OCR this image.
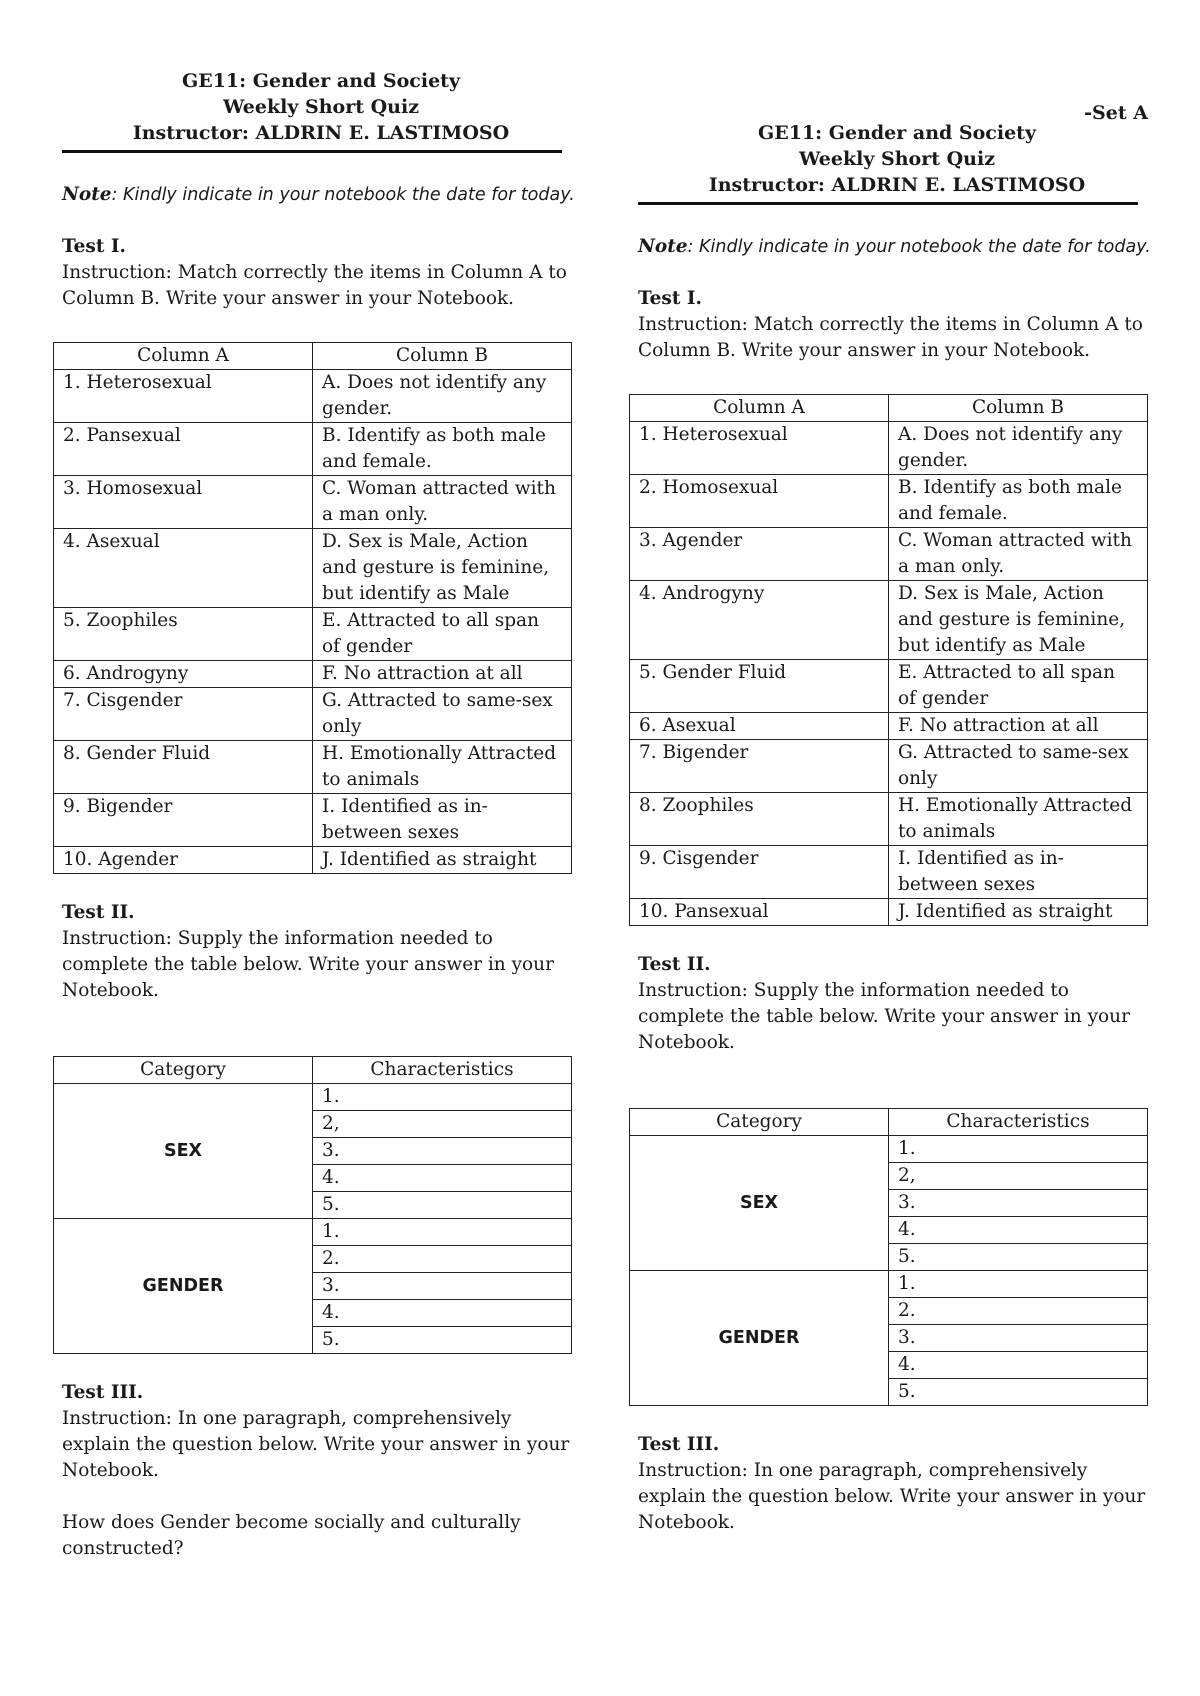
GE11: Gender and Society
Weekly Short Quiz
Instructor: ALDRIN E. LASTIMOSO

Note: Kindly indicate in your notebook the date for today.

Test I.

Instruction: Match correctly the items in Column A to Column B. Write your answer in your Notebook.

Column A	Column B
1. Heterosexual	A. Does not identify any gender.
2. Pansexual	B. Identify as both male and female.
3. Homosexual	C. Woman attracted with a man only.
4. Asexual	D. Sex is Male, Action and gesture is feminine, but identify as Male
5. Zoophiles	E. Attracted to all span of gender
6. Androgyny	F. No attraction at all
7. Cisgender	G. Attracted to same-sex only
8. Gender Fluid	H. Emotionally Attracted to animals
9. Bigender	I. Identified as in-between sexes
10. Agender	J. Identified as straight

Test II.

Instruction: Supply the information needed to complete the table below. Write your answer in your Notebook.

Category	Characteristics
SEX	1.
	2,
	3.
	4.
	5.
GENDER	1.
	2.
	3.
	4.
	5.

Test III.

Instruction: In one paragraph, comprehensively explain the question below. Write your answer in your Notebook.

How does Gender become socially and culturally constructed?

-Set A
GE11: Gender and Society
Weekly Short Quiz
Instructor: ALDRIN E. LASTIMOSO

Note: Kindly indicate in your notebook the date for today.

Test I.

Instruction: Match correctly the items in Column A to Column B. Write your answer in your Notebook.

Column A	Column B
1. Heterosexual	A. Does not identify any gender.
2. Homosexual	B. Identify as both male and female.
3. Agender	C. Woman attracted with a man only.
4. Androgyny	D. Sex is Male, Action and gesture is feminine, but identify as Male
5. Gender Fluid	E. Attracted to all span of gender
6. Asexual	F. No attraction at all
7. Bigender	G. Attracted to same-sex only
8. Zoophiles	H. Emotionally Attracted to animals
9. Cisgender	I. Identified as in-between sexes
10. Pansexual	J. Identified as straight

Test II.

Instruction: Supply the information needed to complete the table below. Write your answer in your Notebook.

Category	Characteristics
SEX	1.
	2,
	3.
	4.
	5.
GENDER	1.
	2.
	3.
	4.
	5.

Test III.

Instruction: In one paragraph, comprehensively explain the question below. Write your answer in your Notebook.
